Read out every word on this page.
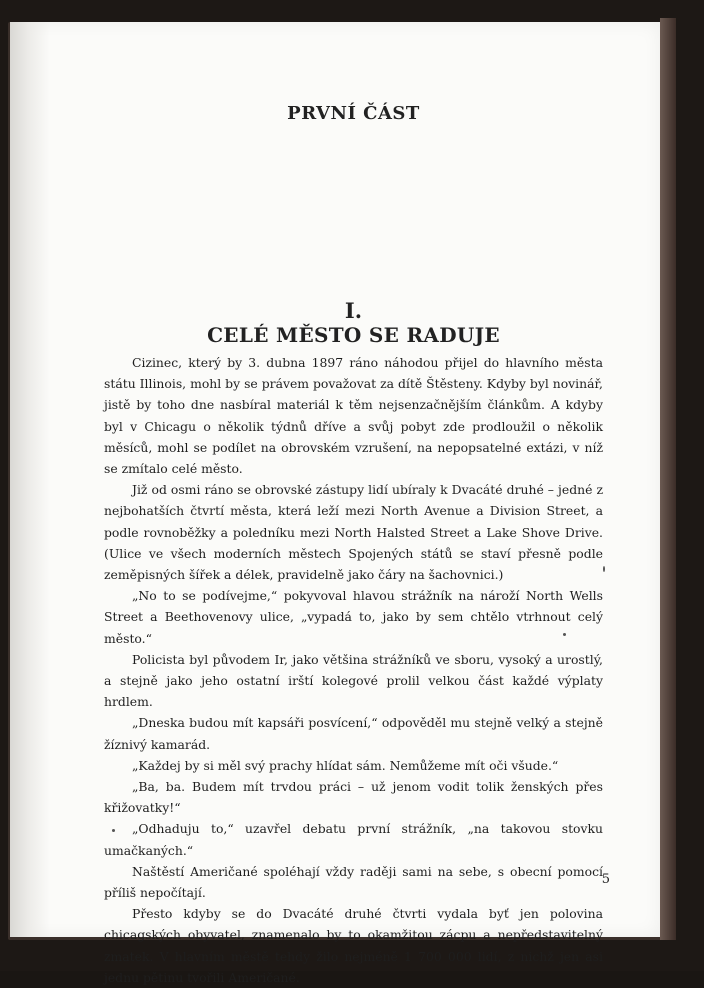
PRVNÍ ČÁST
I.
CELÉ MĚSTO SE RADUJE

Cizinec, který by 3. dubna 1897 ráno náhodou přijel do hlavního města státu Illinois, mohl by se právem považovat za dítě Štěsteny. Kdyby byl novinář, jistě by toho dne nasbíral materiál k těm nejsenzačnějším článkům. A kdyby byl v Chicagu o několik týdnů dříve a svůj pobyt zde prodloužil o několik měsíců, mohl se podílet na obrovském vzrušení, na nepopsatelné extázi, v níž se zmítalo celé město.

Již od osmi ráno se obrovské zástupy lidí ubíraly k Dvacáté druhé – jedné z nejbohatších čtvrtí města, která leží mezi North Avenue a Division Street, a podle rovnoběžky a poledníku mezi North Halsted Street a Lake Shove Drive. (Ulice ve všech moderních městech Spojených států se staví přesně podle zeměpisných šířek a délek, pravidelně jako čáry na šachovnici.)

„No to se podívejme,“ pokyvoval hlavou strážník na nároží North Wells Street a Beethovenovy ulice, „vypadá to, jako by sem chtělo vtrhnout celý město.“

Policista byl původem Ir, jako většina strážníků ve sboru, vysoký a urostlý, a stejně jako jeho ostatní irští kolegové prolil velkou část každé výplaty hrdlem.

„Dneska budou mít kapsáři posvícení,“ odpověděl mu stejně velký a stejně žíznivý kamarád.

„Každej by si měl svý prachy hlídat sám. Nemůžeme mít oči všude.“

„Ba, ba. Budem mít trvdou práci – už jenom vodit tolik ženských přes křižovatky!“

„Odhaduju to,“ uzavřel debatu první strážník, „na takovou stovku umačkaných.“

Naštěstí Američané spoléhají vždy raději sami na sebe, s obecní pomocí příliš nepočítají.

Přesto kdyby se do Dvacáté druhé čtvrti vydala byť jen polovina chicagských obyvatel, znamenalo by to okamžitou zácpu a nepředstavitelný zmatek. V hlavním městě tehdy žilo nejméně 1 700 000 lidí, z nichž jen asi jednu pětinu tvořili Američané.

5
